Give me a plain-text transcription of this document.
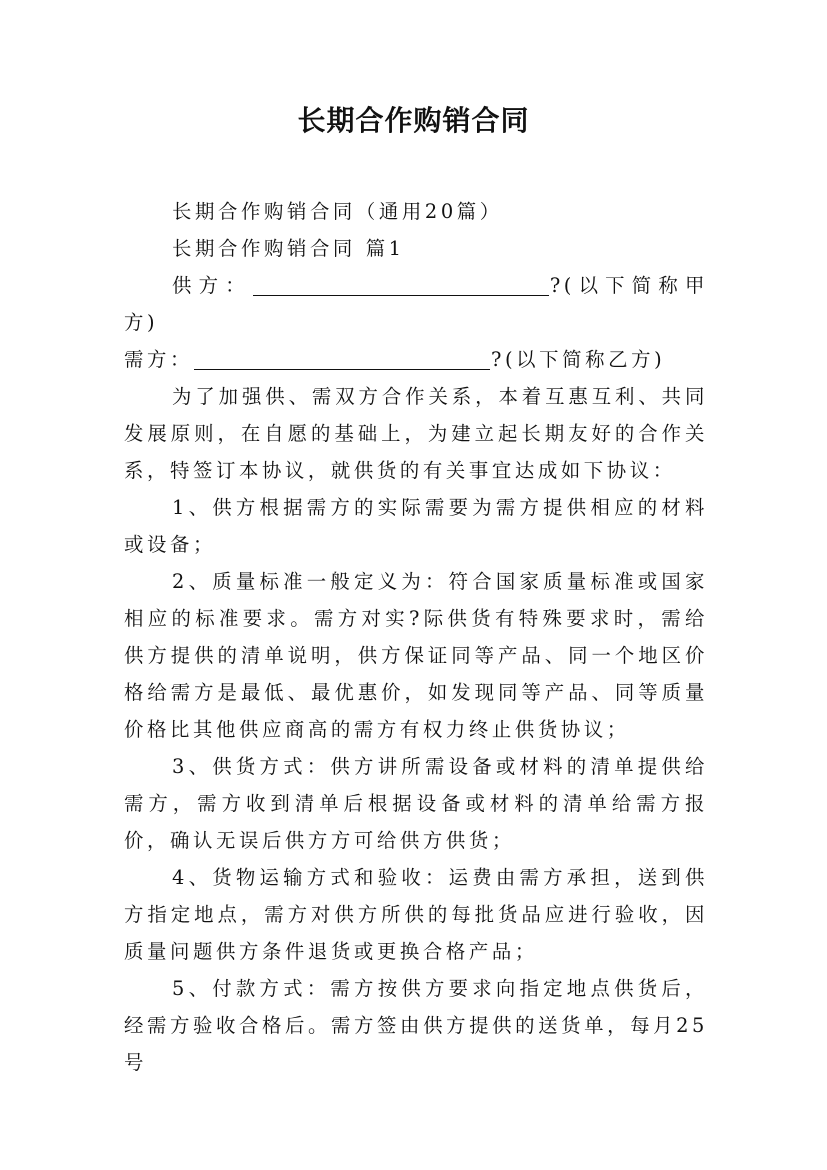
长期合作购销合同

长期合作购销合同（通用20篇）

长期合作购销合同 篇1

供方：	?(以下简称甲方)

需方：	?(以下简称乙方)

为了加强供、需双方合作关系，本着互惠互利、共同发展原则，在自愿的基础上，为建立起长期友好的合作关系，特签订本协议，就供货的有关事宜达成如下协议：

1、供方根据需方的实际需要为需方提供相应的材料或设备；

2、质量标准一般定义为：符合国家质量标准或国家相应的标准要求。需方对实?际供货有特殊要求时，需给供方提供的清单说明，供方保证同等产品、同一个地区价格给需方是最低、最优惠价，如发现同等产品、同等质量价格比其他供应商高的需方有权力终止供货协议；

3、供货方式：供方讲所需设备或材料的清单提供给需方，需方收到清单后根据设备或材料的清单给需方报价，确认无误后供方方可给供方供货；

4、货物运输方式和验收：运费由需方承担，送到供方指定地点，需方对供方所供的每批货品应进行验收，因质量问题供方条件退货或更换合格产品；

5、付款方式：需方按供方要求向指定地点供货后，经需方验收合格后。需方签由供方提供的送货单，每月25号
